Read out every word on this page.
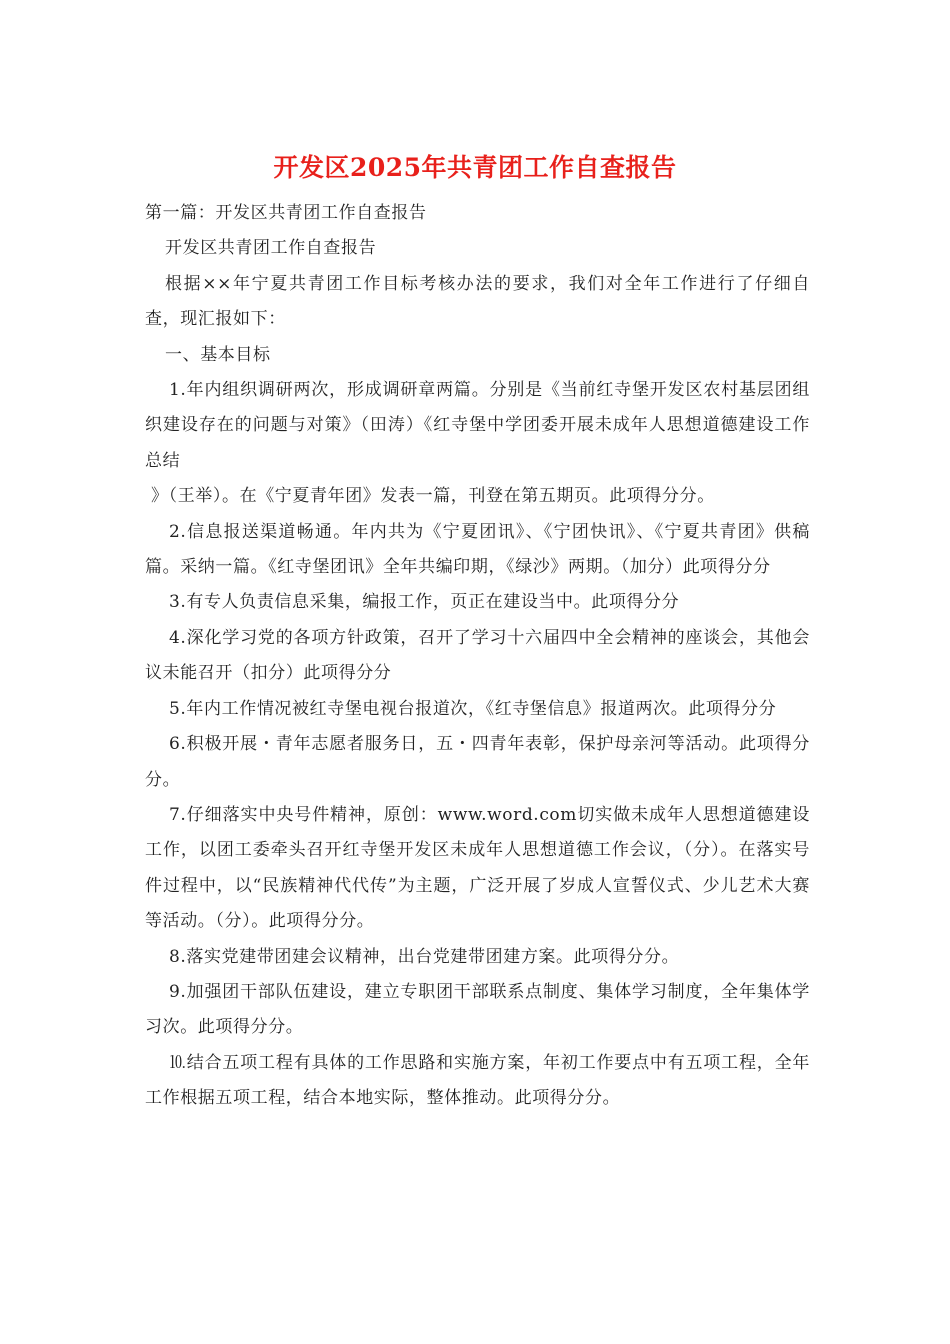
开发区2025年共青团工作自查报告

第一篇：开发区共青团工作自查报告

开发区共青团工作自查报告

根据××年宁夏共青团工作目标考核办法的要求，我们对全年工作进行了仔细自查，现汇报如下：

一、基本目标

1.年内组织调研两次，形成调研章两篇。分别是《当前红寺堡开发区农村基层团组织建设存在的问题与对策》（田涛）《红寺堡中学团委开展未成年人思想道德建设工作总结

》（王举）。在《宁夏青年团》发表一篇，刊登在第五期页。此项得分分。

2.信息报送渠道畅通。年内共为《宁夏团讯》、《宁团快讯》、《宁夏共青团》供稿篇。采纳一篇。《红寺堡团讯》全年共编印期，《绿沙》两期。（加分）此项得分分

3.有专人负责信息采集，编报工作，页正在建设当中。此项得分分

4.深化学习党的各项方针政策，召开了学习十六届四中全会精神的座谈会，其他会议未能召开（扣分）此项得分分

5.年内工作情况被红寺堡电视台报道次，《红寺堡信息》报道两次。此项得分分

6.积极开展・青年志愿者服务日，五・四青年表彰，保护母亲河等活动。此项得分分。

7.仔细落实中央号件精神，原创：www.word.com切实做未成年人思想道德建设工作，以团工委牵头召开红寺堡开发区未成年人思想道德工作会议，（分）。在落实号件过程中，以“民族精神代代传”为主题，广泛开展了岁成人宣誓仪式、少儿艺术大赛等活动。（分）。此项得分分。

8.落实党建带团建会议精神，出台党建带团建方案。此项得分分。

9.加强团干部队伍建设，建立专职团干部联系点制度、集体学习制度，全年集体学习次。此项得分分。

⒑结合五项工程有具体的工作思路和实施方案，年初工作要点中有五项工程，全年工作根据五项工程，结合本地实际，整体推动。此项得分分。
